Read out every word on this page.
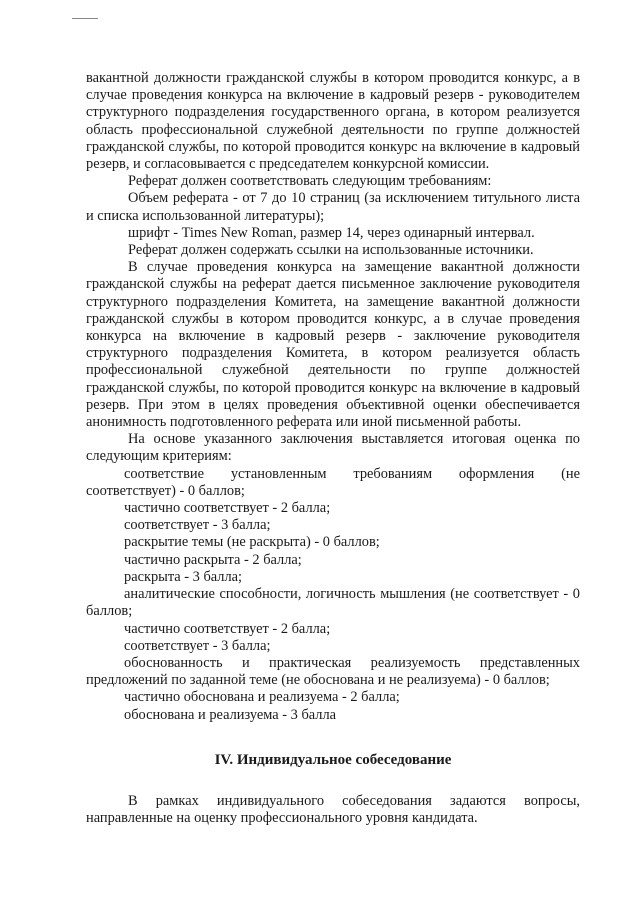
вакантной должности гражданской службы в котором проводится конкурс, а в случае проведения конкурса на включение в кадровый резерв - руководителем структурного подразделения государственного органа, в котором реализуется область профессиональной служебной деятельности по группе должностей гражданской службы, по которой проводится конкурс на включение в кадровый резерв, и согласовывается с председателем конкурсной комиссии.

Реферат должен соответствовать следующим требованиям:

Объем реферата - от 7 до 10 страниц (за исключением титульного листа и списка использованной литературы);

шрифт - Times New Roman, размер 14, через одинарный интервал.

Реферат должен содержать ссылки на использованные источники.

В случае проведения конкурса на замещение вакантной должности гражданской службы на реферат дается письменное заключение руководителя структурного подразделения Комитета, на замещение вакантной должности гражданской службы в котором проводится конкурс, а в случае проведения конкурса на включение в кадровый резерв - заключение руководителя структурного подразделения Комитета, в котором реализуется область профессиональной служебной деятельности по группе должностей гражданской службы, по которой проводится конкурс на включение в кадровый резерв. При этом в целях проведения объективной оценки обеспечивается анонимность подготовленного реферата или иной письменной работы.

На основе указанного заключения выставляется итоговая оценка по следующим критериям:

соответствие установленным требованиям оформления (не соответствует) - 0 баллов;

частично соответствует - 2 балла;

соответствует - 3 балла;

раскрытие темы (не раскрыта) - 0 баллов;

частично раскрыта - 2 балла;

раскрыта - 3 балла;

аналитические способности, логичность мышления (не соответствует - 0 баллов;

частично соответствует - 2 балла;

соответствует - 3 балла;

обоснованность и практическая реализуемость представленных предложений по заданной теме (не обоснована и не реализуема) - 0 баллов;

частично обоснована и реализуема - 2 балла;

обоснована и реализуема - 3 балла

IV. Индивидуальное собеседование

В рамках индивидуального собеседования задаются вопросы, направленные на оценку профессионального уровня кандидата.
